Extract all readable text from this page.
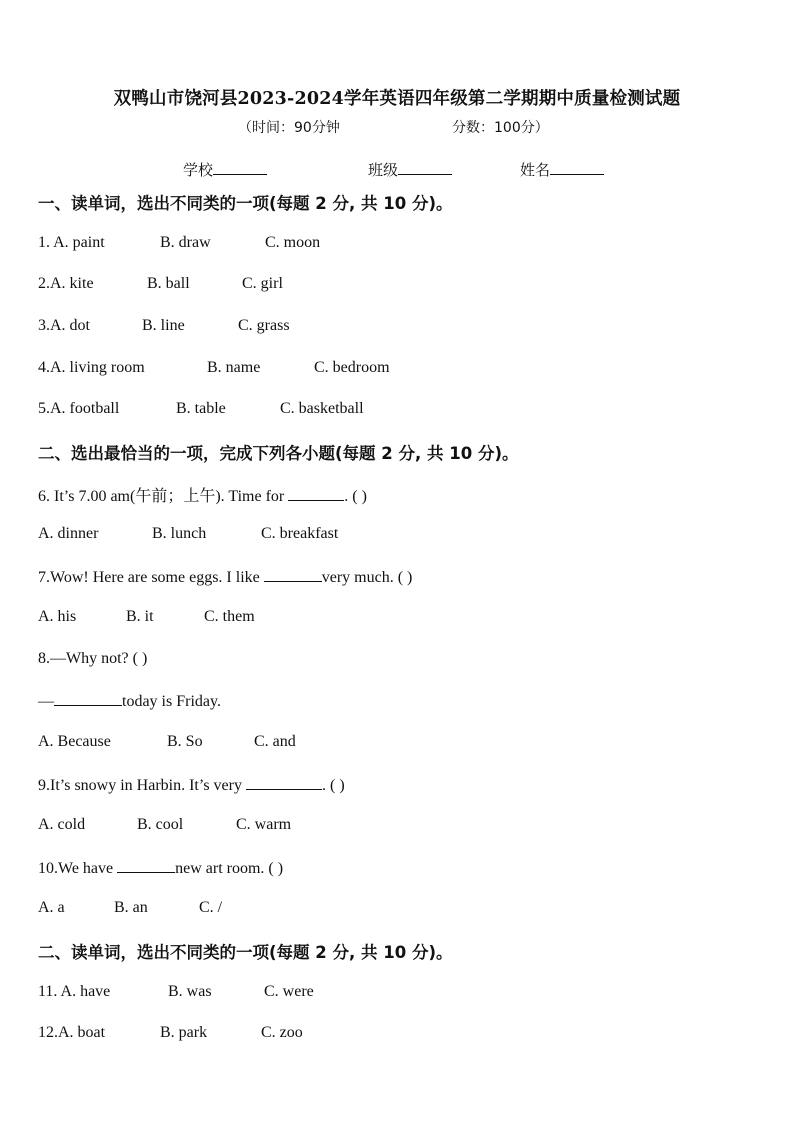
双鸭山市饶河县2023-2024学年英语四年级第二学期期中质量检测试题
（时间：90分钟	分数：100分）
学校	班级	姓名
一、读单词，选出不同类的一项(每题 2 分, 共 10 分)。
1. A. paint	B. draw	C. moon
2.A. kite	B. ball	C. girl
3.A. dot	B. line	C. grass
4.A. living room	B. name	C. bedroom
5.A. football	B. table	C. basketball
二、选出最恰当的一项，完成下列各小题(每题 2 分, 共 10 分)。
6. It’s 7.00 am(午前；上午). Time for	. ( )
A. dinner	B. lunch	C. breakfast
7.Wow! Here are some eggs. I like	very much. ( )
A. his	B. it	C. them
8.—Why not? ( )
—	today is Friday.
A. Because	B. So	C. and
9.It’s snowy in Harbin. It’s very	. ( )
A. cold	B. cool	C. warm
10.We have	new art room. ( )
A. a	B. an	C. /
二、读单词，选出不同类的一项(每题 2 分, 共 10 分)。
11. A. have	B. was	C. were
12.A. boat	B. park	C. zoo
